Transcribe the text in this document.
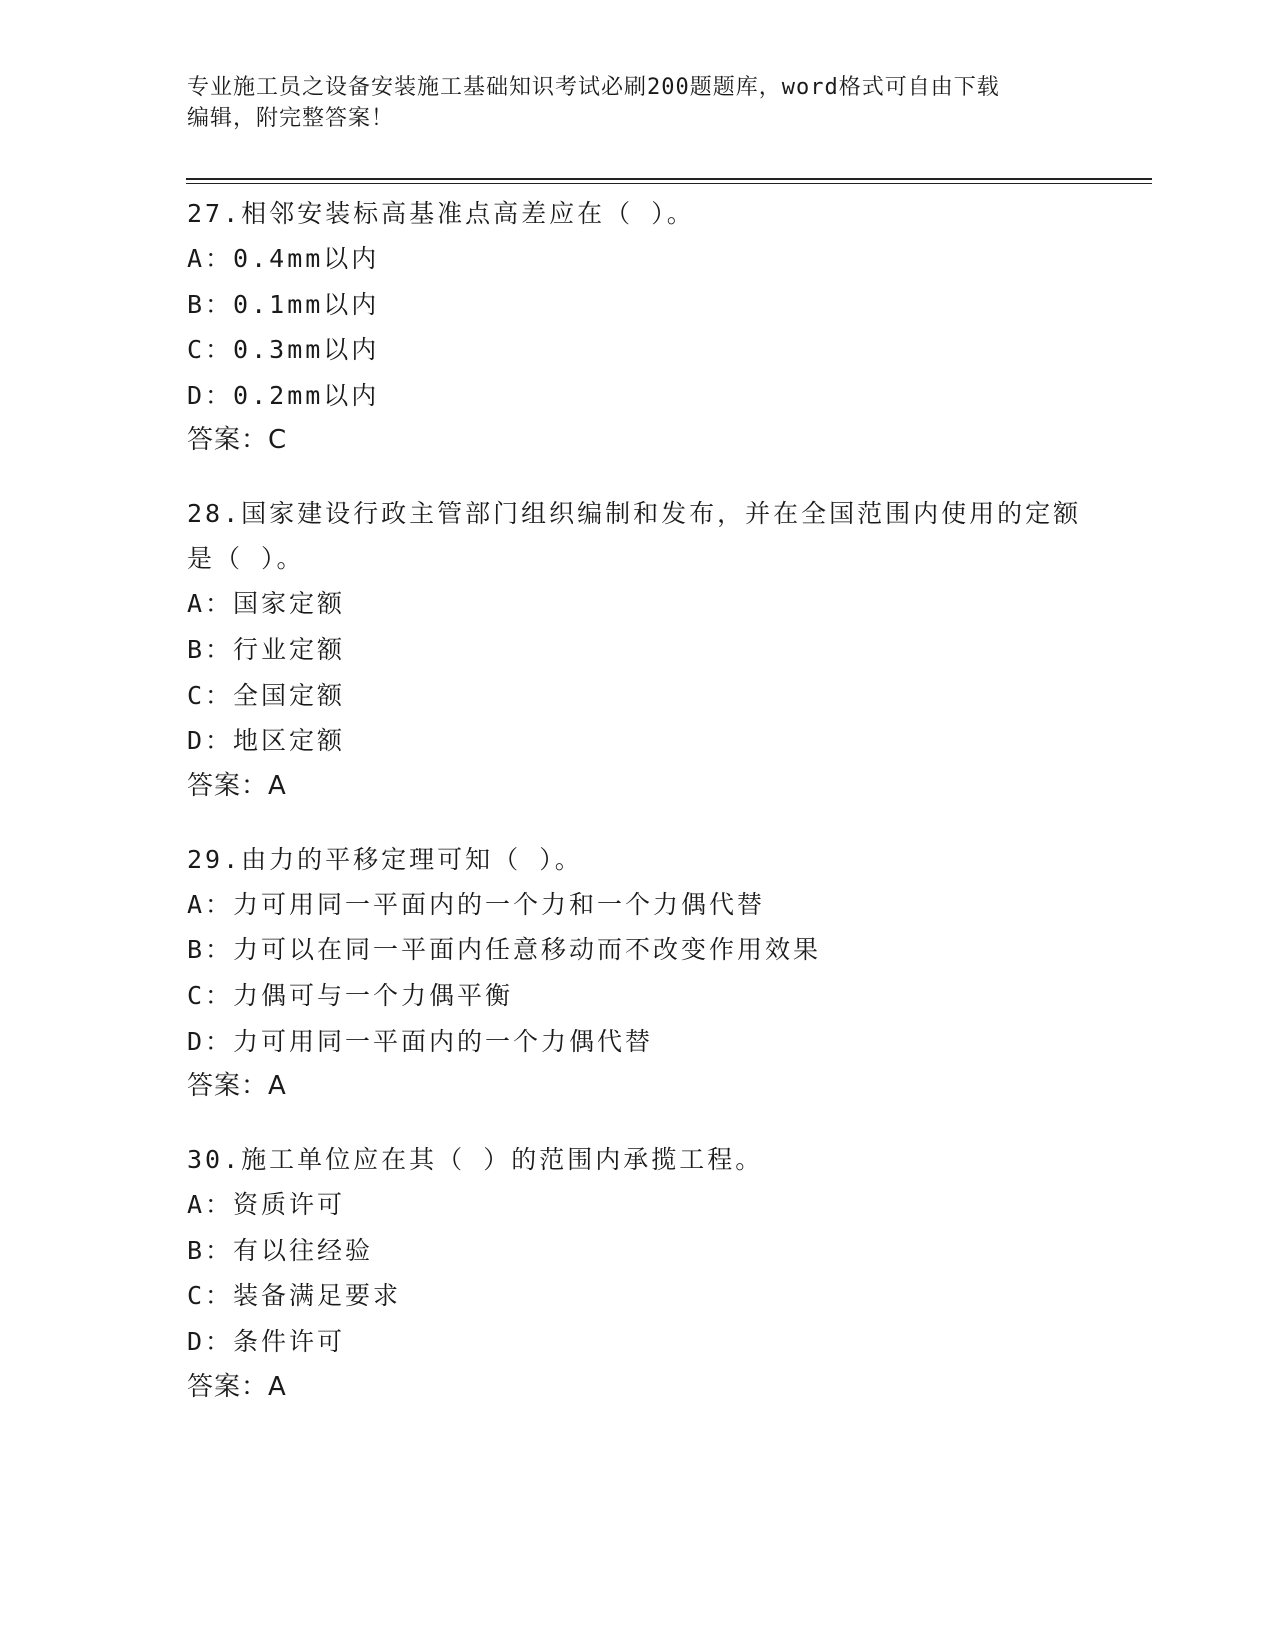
专业施工员之设备安装施工基础知识考试必刷200题题库，word格式可自由下载
编辑，附完整答案！
27.相邻安装标高基准点高差应在（ ）。
A：0.4mm以内
B：0.1mm以内
C：0.3mm以内
D：0.2mm以内
答案：C
28.国家建设行政主管部门组织编制和发布，并在全国范围内使用的定额是（ ）。
A：国家定额
B：行业定额
C：全国定额
D：地区定额
答案：A
29.由力的平移定理可知（ ）。
A：力可用同一平面内的一个力和一个力偶代替
B：力可以在同一平面内任意移动而不改变作用效果
C：力偶可与一个力偶平衡
D：力可用同一平面内的一个力偶代替
答案：A
30.施工单位应在其（ ）的范围内承揽工程。
A：资质许可
B：有以往经验
C：装备满足要求
D：条件许可
答案：A
